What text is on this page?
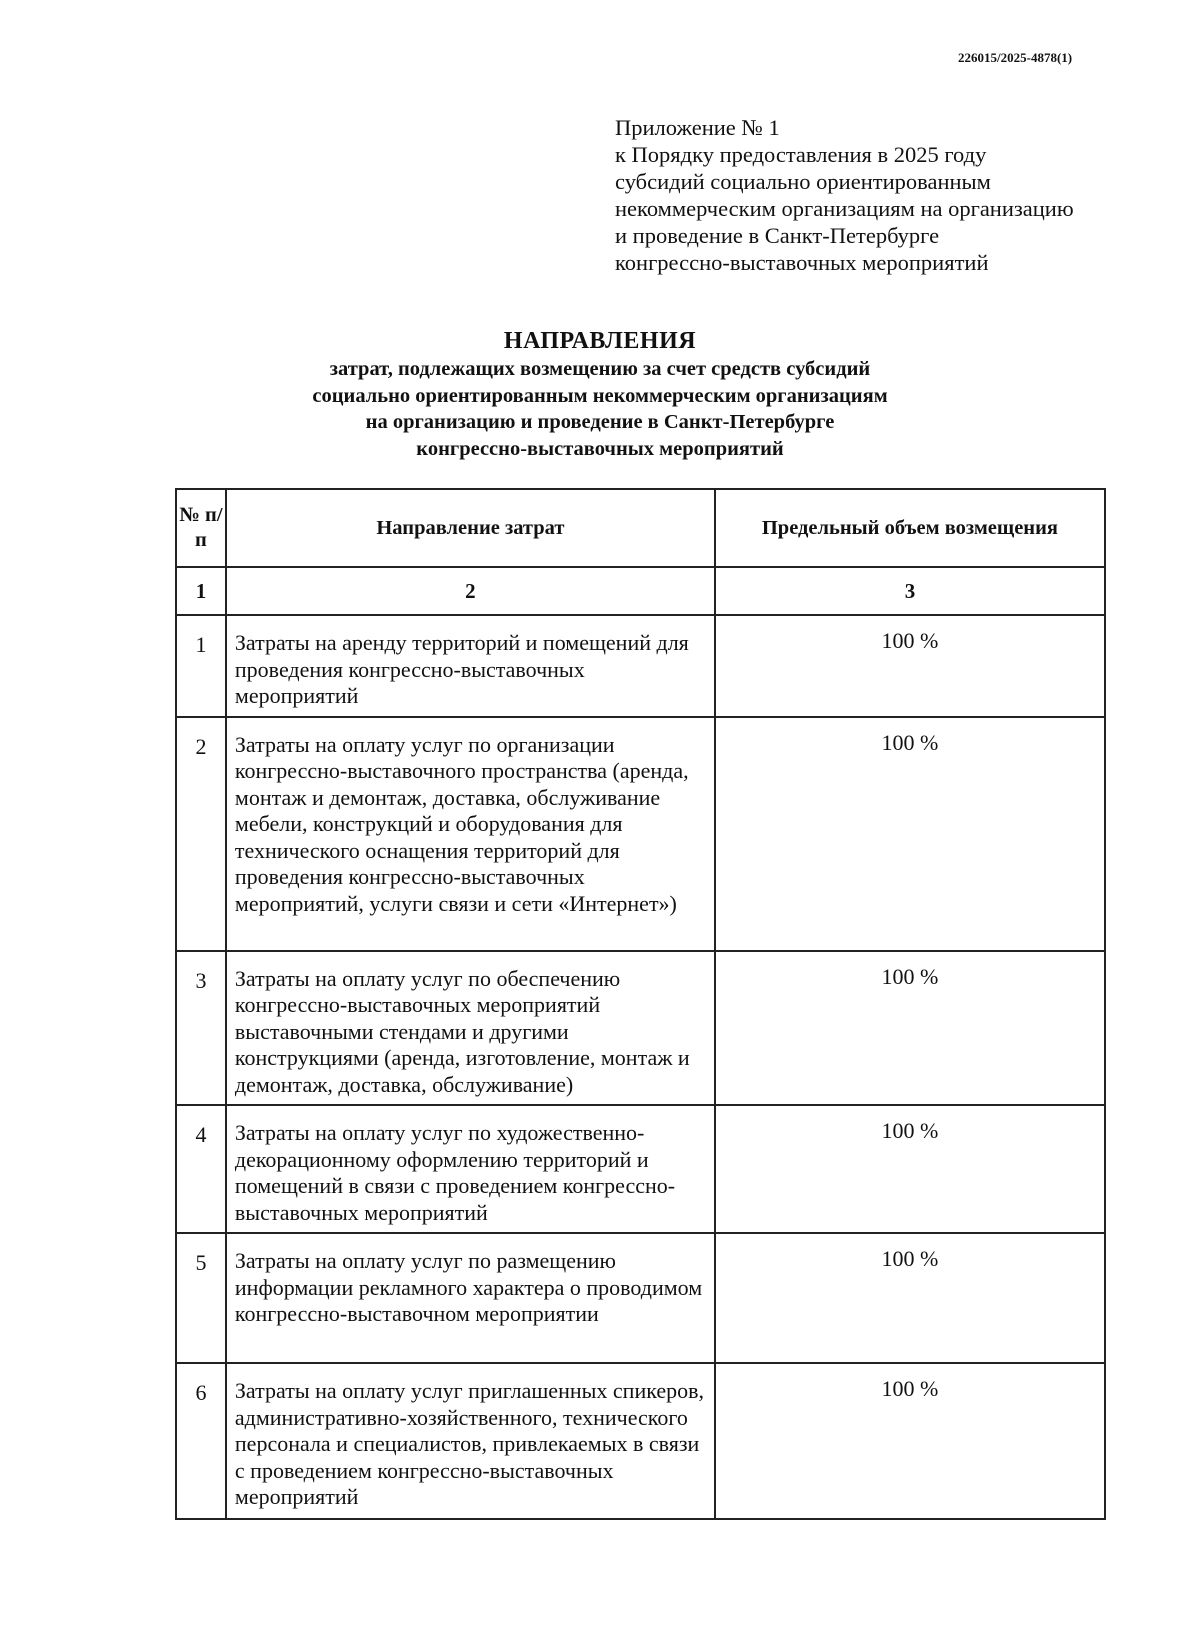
226015/2025-4878(1)
Приложение № 1
к Порядку предоставления в 2025 году
субсидий социально ориентированным
некоммерческим организациям на организацию
и проведение в Санкт-Петербурге
конгрессно-выставочных мероприятий
НАПРАВЛЕНИЯ
затрат, подлежащих возмещению за счет средств субсидий
социально ориентированным некоммерческим организациям
на организацию и проведение в Санкт-Петербурге
конгрессно-выставочных мероприятий
№ п/п	Направление затрат	Предельный объем возмещения
1	2	3
1	Затраты на аренду территорий и помещений для проведения конгрессно-выставочных мероприятий	100 %
2	Затраты на оплату услуг по организации конгрессно-выставочного пространства (аренда, монтаж и демонтаж, доставка, обслуживание мебели, конструкций и оборудования для технического оснащения территорий для проведения конгрессно-выставочных мероприятий, услуги связи и сети «Интернет»)	100 %
3	Затраты на оплату услуг по обеспечению конгрессно-выставочных мероприятий выставочными стендами и другими конструкциями (аренда, изготовление, монтаж и демонтаж, доставка, обслуживание)	100 %
4	Затраты на оплату услуг по художественно-декорационному оформлению территорий и помещений в связи с проведением конгрессно-выставочных мероприятий	100 %
5	Затраты на оплату услуг по размещению информации рекламного характера о проводимом конгрессно-выставочном мероприятии	100 %
6	Затраты на оплату услуг приглашенных спикеров, административно-хозяйственного, технического персонала и специалистов, привлекаемых в связи с проведением конгрессно-выставочных мероприятий	100 %
